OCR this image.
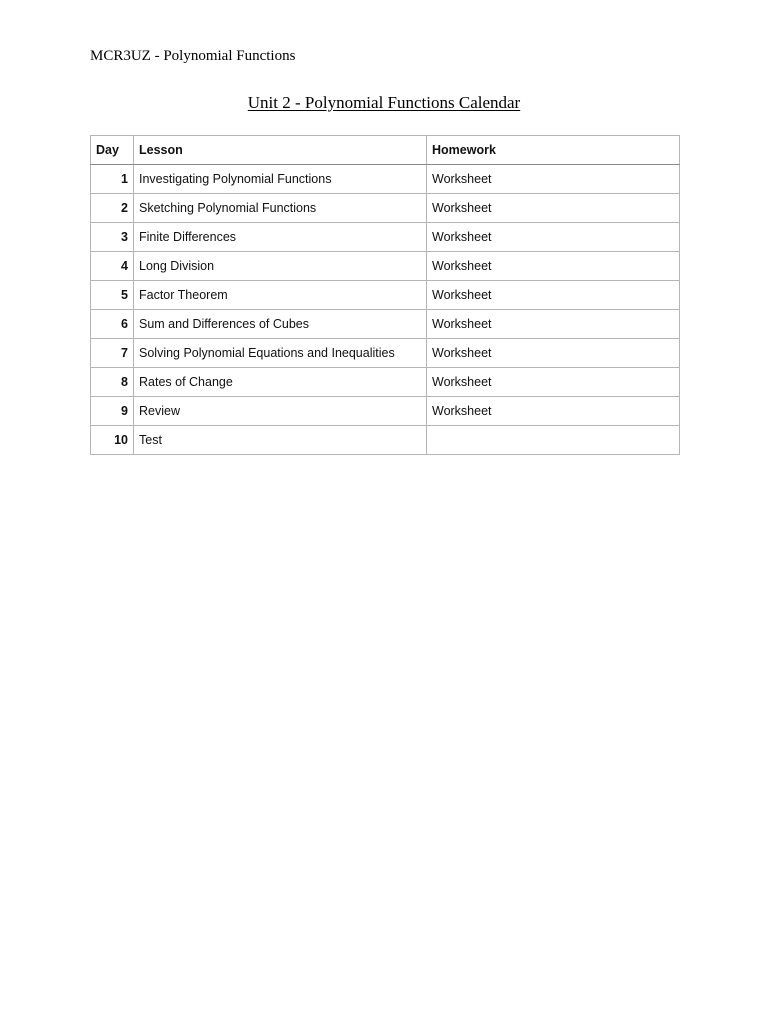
MCR3UZ - Polynomial Functions
Unit 2 - Polynomial Functions Calendar
Day	Lesson	Homework
1	Investigating Polynomial Functions	Worksheet
2	Sketching Polynomial Functions	Worksheet
3	Finite Differences	Worksheet
4	Long Division	Worksheet
5	Factor Theorem	Worksheet
6	Sum and Differences of Cubes	Worksheet
7	Solving Polynomial Equations and Inequalities	Worksheet
8	Rates of Change	Worksheet
9	Review	Worksheet
10	Test	
